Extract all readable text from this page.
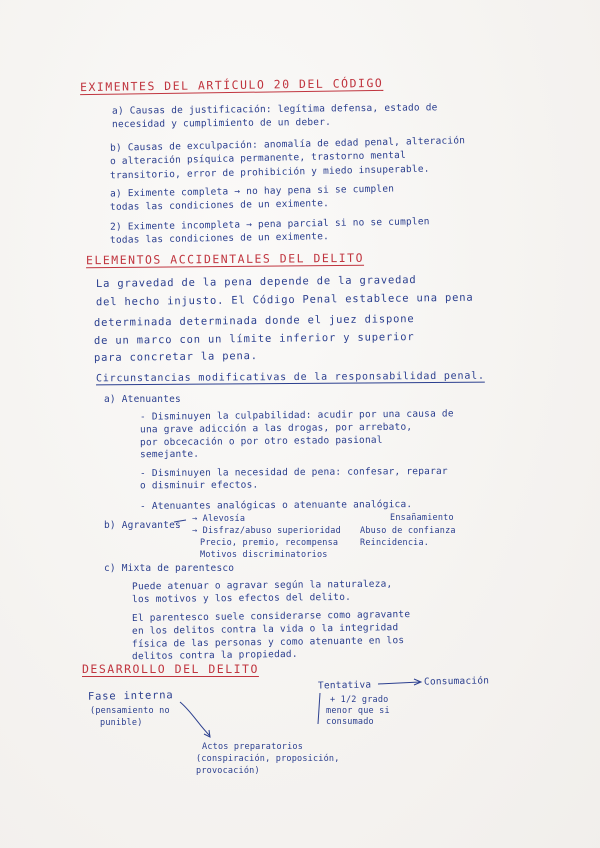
EXIMENTES DEL ARTÍCULO 20 DEL CÓDIGO
a) Causas de justificación: legítima defensa, estado de
necesidad y cumplimiento de un deber.
b) Causas de exculpación: anomalía de edad penal, alteración
o alteración psíquica permanente, trastorno mental
transitorio, error de prohibición y miedo insuperable.
a) Eximente completa → no hay pena si se cumplen
todas las condiciones de un eximente.
2) Eximente incompleta → pena parcial si no se cumplen
todas las condiciones de un eximente.
ELEMENTOS ACCIDENTALES DEL DELITO
La gravedad de la pena depende de la gravedad
del hecho injusto. El Código Penal establece una pena
determinada determinada donde el juez dispone
de un marco con un límite inferior y superior
para concretar la pena.
Circunstancias modificativas de la responsabilidad penal.
a) Atenuantes
- Disminuyen la culpabilidad: acudir por una causa de
una grave adicción a las drogas, por arrebato,
por obcecación o por otro estado pasional
semejante.
- Disminuyen la necesidad de pena: confesar, reparar
o disminuir efectos.
- Atenuantes analógicas o atenuante analógica.
b) Agravantes
→ Alevosía
→ Disfraz/abuso superioridad
Precio, premio, recompensa
Motivos discriminatorios
Ensañamiento
Abuso de confianza
Reincidencia.
c) Mixta de parentesco
Puede atenuar o agravar según la naturaleza,
los motivos y los efectos del delito.
El parentesco suele considerarse como agravante
en los delitos contra la vida o la integridad
física de las personas y como atenuante en los
delitos contra la propiedad.
DESARROLLO DEL DELITO
Fase interna
(pensamiento no
punible)
Actos preparatorios
(conspiración, proposición,
provocación)
Tentativa	Consumación
+ 1/2 grado
menor que si
consumado
